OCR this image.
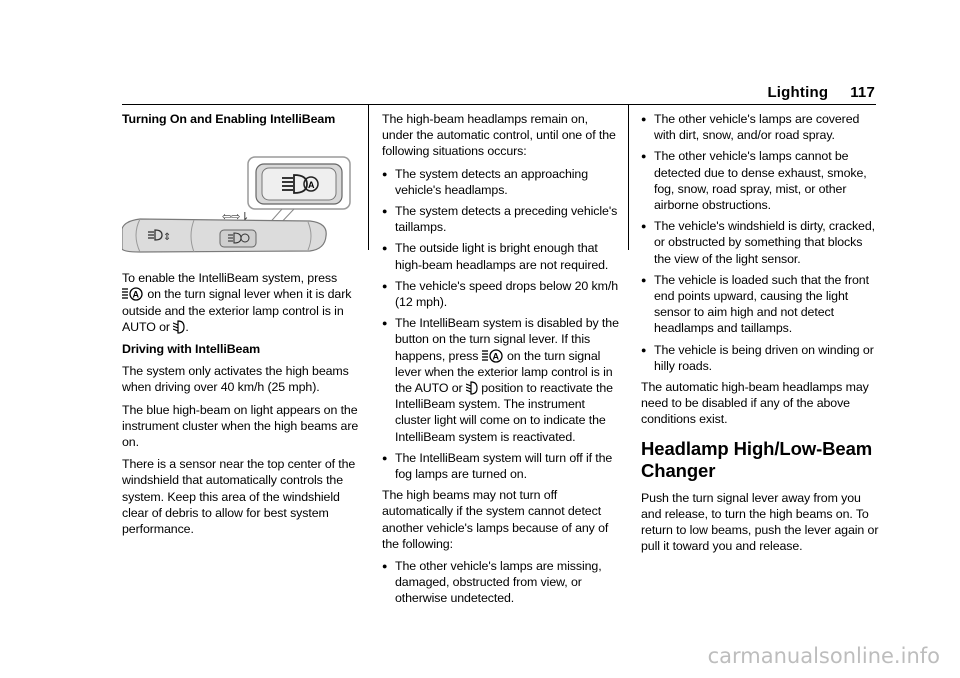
Lighting 117
Turning On and Enabling IntelliBeam
A
⇕
⇦⇨⇂

To enable the IntelliBeam system, press

A on the turn signal lever when it is dark outside and the exterior lamp control is in AUTO or .

Driving with IntelliBeam

The system only activates the high beams when driving over 40 km/h (25 mph).

The blue high-beam on light appears on the instrument cluster when the high beams are on.

There is a sensor near the top center of the windshield that automatically controls the system. Keep this area of the windshield clear of debris to allow for best system performance.

The high-beam headlamps remain on, under the automatic control, until one of the following situations occurs:

● The system detects an approaching vehicle's headlamps.
● The system detects a preceding vehicle's taillamps.
● The outside light is bright enough that high-beam headlamps are not required.
● The vehicle's speed drops below 20 km/h (12 mph).
● The IntelliBeam system is disabled by the button on the turn signal lever. If this happens, press A on the turn signal lever when the exterior lamp control is in the AUTO or  position to reactivate the IntelliBeam system. The instrument cluster light will come on to indicate the IntelliBeam system is reactivated.
● The IntelliBeam system will turn off if the fog lamps are turned on.

The high beams may not turn off automatically if the system cannot detect another vehicle's lamps because of any of the following:

● The other vehicle's lamps are missing, damaged, obstructed from view, or otherwise undetected.
● The other vehicle's lamps are covered with dirt, snow, and/or road spray.
● The other vehicle's lamps cannot be detected due to dense exhaust, smoke, fog, snow, road spray, mist, or other airborne obstructions.
● The vehicle's windshield is dirty, cracked, or obstructed by something that blocks the view of the light sensor.
● The vehicle is loaded such that the front end points upward, causing the light sensor to aim high and not detect headlamps and taillamps.
● The vehicle is being driven on winding or hilly roads.

The automatic high-beam headlamps may need to be disabled if any of the above conditions exist.

Headlamp High/Low-Beam Changer

Push the turn signal lever away from you and release, to turn the high beams on. To return to low beams, push the lever again or pull it toward you and release.

carmanualsonline.info
